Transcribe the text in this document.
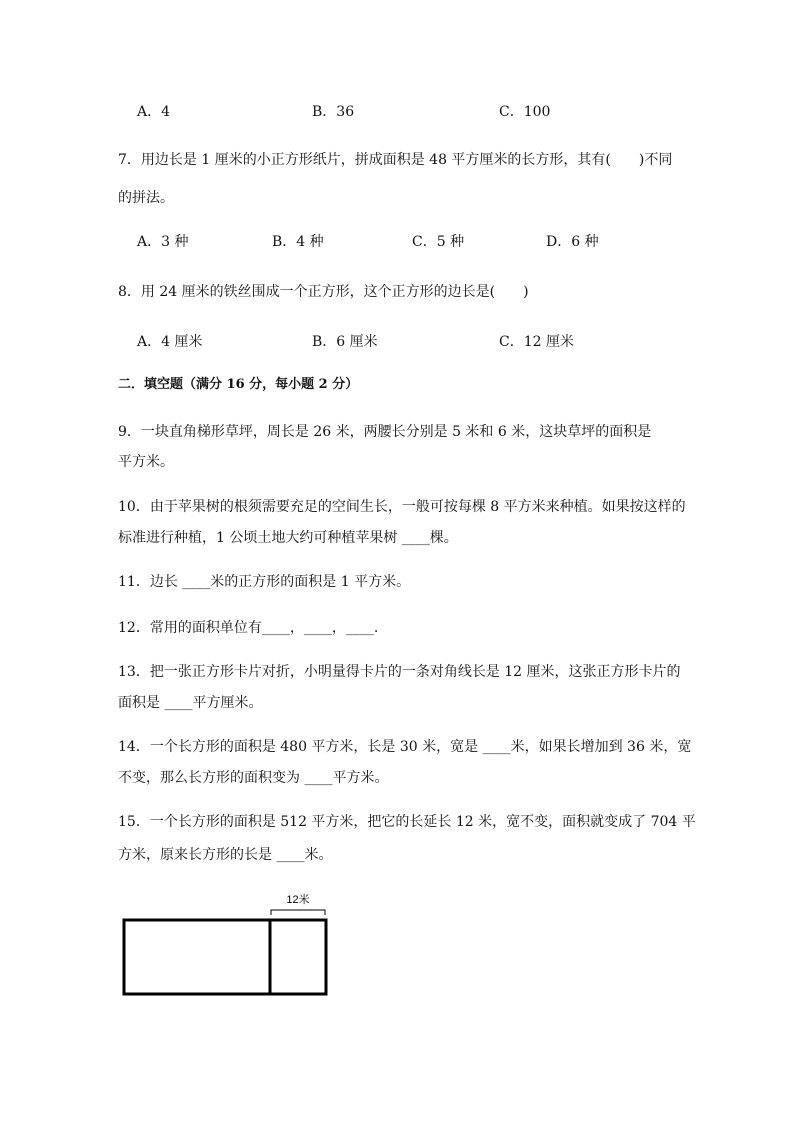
A．4	B．36	C．100
7．用边长是 1 厘米的小正方形纸片，拼成面积是 48 平方厘米的长方形，其有(　　)不同
的拼法。
A．3 种	B．4 种	C．5 种	D．6 种
8．用 24 厘米的铁丝围成一个正方形，这个正方形的边长是(　　)
A．4 厘米	B．6 厘米	C．12 厘米
二．填空题（满分 16 分，每小题 2 分）
9．一块直角梯形草坪，周长是 26 米，两腰长分别是 5 米和 6 米，这块草坪的面积是
平方米。
10．由于苹果树的根须需要充足的空间生长，一般可按每棵 8 平方米来种植。如果按这样的
标准进行种植，1 公顷土地大约可种植苹果树 ____棵。
11．边长 ____米的正方形的面积是 1 平方米。
12．常用的面积单位有____，____，____.
13．把一张正方形卡片对折，小明量得卡片的一条对角线长是 12 厘米，这张正方形卡片的
面积是 ____平方厘米。
14．一个长方形的面积是 480 平方米，长是 30 米，宽是 ____米，如果长增加到 36 米，宽
不变，那么长方形的面积变为 ____平方米。
15．一个长方形的面积是 512 平方米，把它的长延长 12 米，宽不变，面积就变成了 704 平
方米，原来长方形的长是 ____米。
12米
